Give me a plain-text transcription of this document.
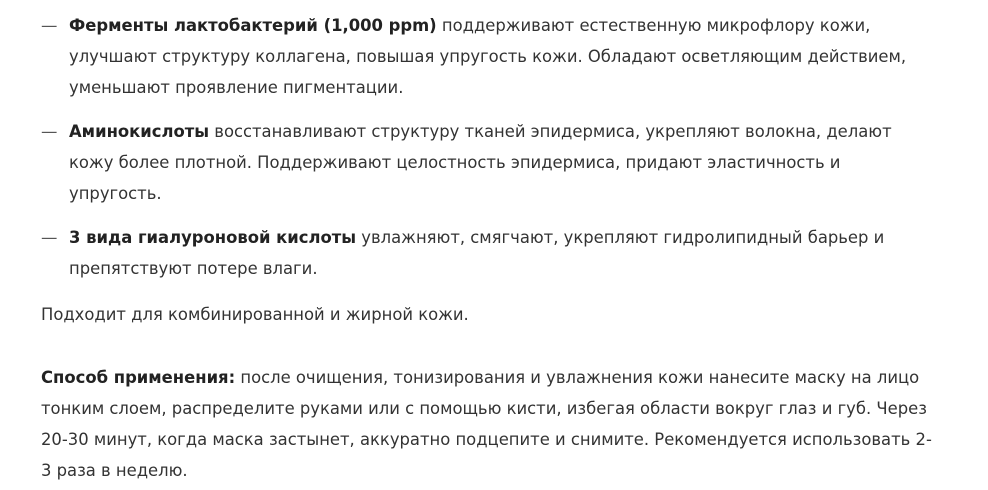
— Ферменты лактобактерий (1,000 ppm) поддерживают естественную микрофлору кожи, улучшают структуру коллагена, повышая упругость кожи. Обладают осветляющим действием, уменьшают проявление пигментации.
— Аминокислоты восстанавливают структуру тканей эпидермиса, укрепляют волокна, делают кожу более плотной. Поддерживают целостность эпидермиса, придают эластичность и упругость.
— 3 вида гиалуроновой кислоты увлажняют, смягчают, укрепляют гидролипидный барьер и препятствуют потере влаги.

Подходит для комбинированной и жирной кожи.

Способ применения: после очищения, тонизирования и увлажнения кожи нанесите маску на лицо тонким слоем, распределите руками или с помощью кисти, избегая области вокруг глаз и губ. Через 20-30 минут, когда маска застынет, аккуратно подцепите и снимите. Рекомендуется использовать 2-3 раза в неделю.
